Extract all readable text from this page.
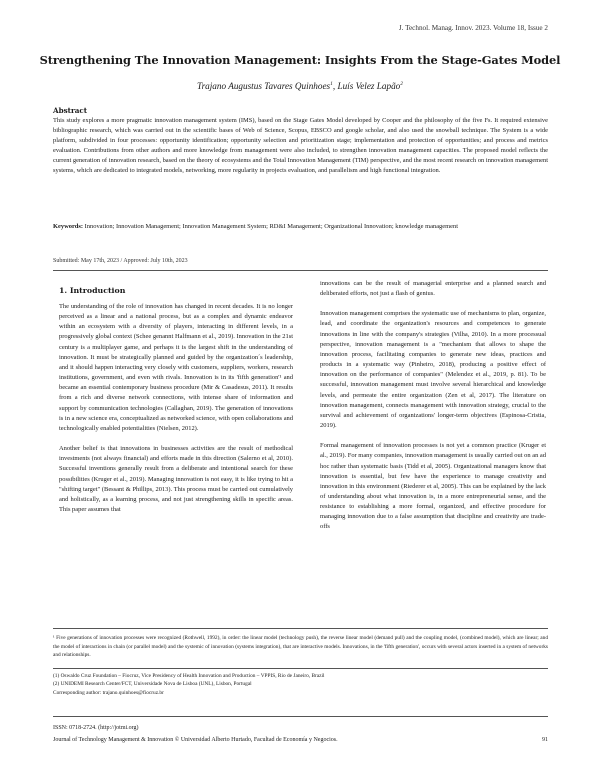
J. Technol. Manag. Innov. 2023. Volume 18, Issue 2
Strengthening The Innovation Management: Insights From the Stage-Gates Model
Trajano Augustus Tavares Quinhoes$^1$, Luís Velez Lapão$^2$
Abstract
This study explores a more pragmatic innovation management system (IMS), based on the Stage Gates Model developed by Cooper and the philosophy of the five Fs. It required extensive bibliographic research, which was carried out in the scientific bases of Web of Science, Scopus, EBSCO and google scholar, and also used the snowball technique. The System is a wide platform, subdivided in four processes: opportunity identification; opportunity selection and prioritization stage; implementation and protection of opportunities; and process and metrics evaluation. Contributions from other authors and more knowledge from management were also included, to strengthen innovation management capacities. The proposed model reflects the current generation of innovation research, based on the theory of ecosystems and the Total Innovation Management (TIM) perspective, and the most recent research on innovation management systems, which are dedicated to integrated models, networking, more regularity in projects evaluation, and parallelism and high functional integration.
Keywords: Innovation; Innovation Management; Innovation Management System; RD&I Management; Organizational Innovation; knowledge management
Submitted: May 17th, 2023 / Approved: July 10th, 2023
1. Introduction

The understanding of the role of innovation has changed in recent decades. It is no longer perceived as a linear and a national process, but as a complex and dynamic endeavor within an ecosystem with a diversity of players, interacting in different levels, in a progressively global context (Schee genannt Halfmann et al., 2019). Innovation in the 21st century is a multiplayer game, and perhaps it is the largest shift in the understanding of innovation. It must be strategically planned and guided by the organization´s leadership, and it should happen interacting very closely with customers, suppliers, workers, research institutions, government, and even with rivals. Innovation is in its 'fifth generation'¹ and became an essential contemporary business procedure (Mir & Casadesus, 2011). It results from a rich and diverse network connections, with intense share of information and support by communication technologies (Callaghan, 2019). The generation of innovations is in a new science era, conceptualized as networked science, with open collaborations and technologically enabled potentialities (Nielsen, 2012).

Another belief is that innovations in businesses activities are the result of methodical investments (not always financial) and efforts made in this direction (Salerno et al, 2010). Successful inventions generally result from a deliberate and intentional search for these possibilities (Kruger et al., 2019). Managing innovation is not easy, it is like trying to hit a "shifting target" (Bessant & Phillips, 2013). This process must be carried out cumulatively and holistically, as a learning process, and not just strengthening skills in specific areas. This paper assumes that

innovations can be the result of managerial enterprise and a planned search and deliberated efforts, not just a flash of genius.

Innovation management comprises the systematic use of mechanisms to plan, organize, lead, and coordinate the organization's resources and competences to generate innovations in line with the company's strategies (Vilha, 2010). In a more processual perspective, innovation management is a "mechanism that allows to shape the innovation process, facilitating companies to generate new ideas, practices and products in a systematic way (Pinheiro, 2018), producing a positive effect of innovation on the performance of companies" (Melendez et al., 2019, p. 81). To be successful, innovation management must involve several hierarchical and knowledge levels, and permeate the entire organization (Zen et al, 2017). The literature on innovation management, connects management with innovation strategy, crucial to the survival and achievement of organizations' longer-term objectives (Espinosa-Cristia, 2019).

Formal management of innovation processes is not yet a common practice (Kruger et al., 2019). For many companies, innovation management is usually carried out on an ad hoc rather than systematic basis (Tidd et al, 2005). Organizational managers know that innovation is essential, but few have the experience to manage creativity and innovation in this environment (Riederer et al, 2005). This can be explained by the lack of understanding about what innovation is, in a more entrepreneurial sense, and the resistance to establishing a more formal, organized, and effective procedure for managing innovation due to a false assumption that discipline and creativity are trade-offs

¹ Five generations of innovation processes were recognized (Rothwell, 1992), in order: the linear model (technology push), the reverse linear model (demand pull) and the coupling model, (combined model), which are linear; and the model of interactions in chain (or parallel model) and the systemic of innovation (systems integration), that are interactive models. Innovations, in the 'fifth generation', occurs with several actors inserted in a system of networks and relationships.
(1) Oswaldo Cruz Foundation – Fiocruz, Vice Presidency of Health Innovation and Production – VPPIS, Rio de Janeiro, Brazil
(2) UNIDEMI Research Center/FCT, Universidade Nova de Lisboa (UNL), Lisbon, Portugal
Corresponding author: trajano.quinhoes@fiocruz.br
ISSN: 0718-2724. (http://jotmi.org)
Journal of Technology Management & Innovation © Universidad Alberto Hurtado, Facultad de Economía y Negocios.	91
